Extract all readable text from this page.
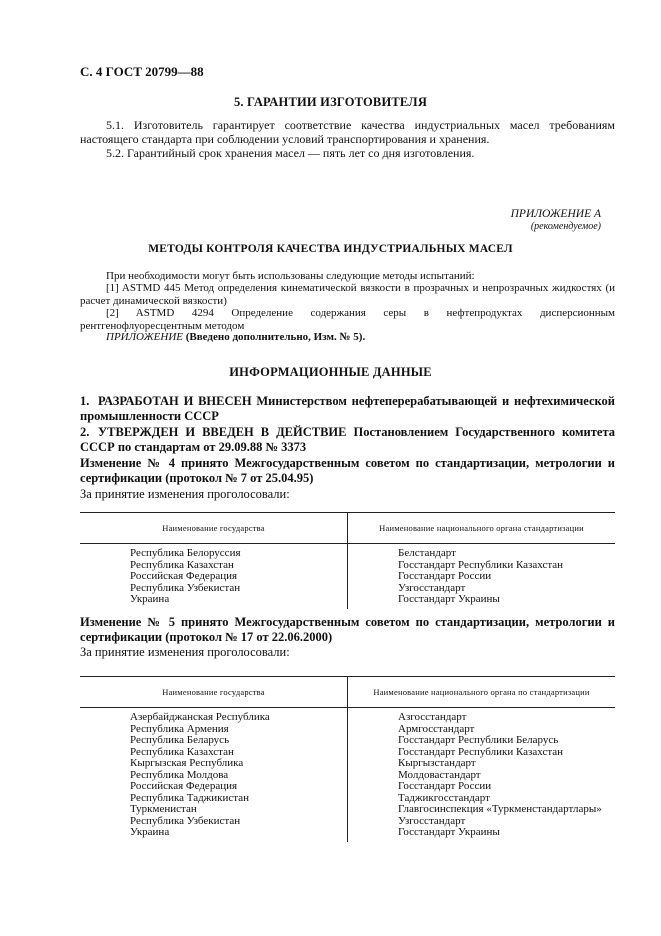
С. 4 ГОСТ 20799—88
5. ГАРАНТИИ ИЗГОТОВИТЕЛЯ

5.1. Изготовитель гарантирует соответствие качества индустриальных масел требованиям настоящего стандарта при соблюдении условий транспортирования и хранения.

5.2. Гарантийный срок хранения масел — пять лет со дня изготовления.

ПРИЛОЖЕНИЕ А
(рекомендуемое)
МЕТОДЫ КОНТРОЛЯ КАЧЕСТВА ИНДУСТРИАЛЬНЫХ МАСЕЛ

При необходимости могут быть использованы следующие методы испытаний:

[1] ASTMD 445 Метод определения кинематической вязкости в прозрачных и непрозрачных жидкостях (и расчет динамической вязкости)

[2] ASTMD 4294 Определение содержания серы в нефтепродуктах дисперсионным рентгенофлуоресцентным методом

ПРИЛОЖЕНИЕ (Введено дополнительно, Изм. № 5).

ИНФОРМАЦИОННЫЕ ДАННЫЕ
1. РАЗРАБОТАН И ВНЕСЕН Министерством нефтеперерабатывающей и нефтехимической промышленности СССР
2. УТВЕРЖДЕН И ВВЕДЕН В ДЕЙСТВИЕ Постановлением Государственного комитета СССР по стандартам от 29.09.88 № 3373
Изменение № 4 принято Межгосударственным советом по стандартизации, метрологии и сертификации (протокол № 7 от 25.04.95)
За принятие изменения проголосовали:
Наименование государства	Наименование национального органа стандартизации
Республика Белоруссия	Белстандарт
Республика Казахстан	Госстандарт Республики Казахстан
Российская Федерация	Госстандарт России
Республика Узбекистан	Узгосстандарт
Украина	Госстандарт Украины
Изменение № 5 принято Межгосударственным советом по стандартизации, метрологии и сертификации (протокол № 17 от 22.06.2000)
За принятие изменения проголосовали:
Наименование государства	Наименование национального органа по стандартизации
Азербайджанская Республика	Азгосстандарт
Республика Армения	Армгосстандарт
Республика Беларусь	Госстандарт Республики Беларусь
Республика Казахстан	Госстандарт Республики Казахстан
Кыргызская Республика	Кыргызстандарт
Республика Молдова	Молдовастандарт
Российская Федерация	Госстандарт России
Республика Таджикистан	Таджикгосстандарт
Туркменистан	Главгосинспекция «Туркменстандартлары»
Республика Узбекистан	Узгосстандарт
Украина	Госстандарт Украины
